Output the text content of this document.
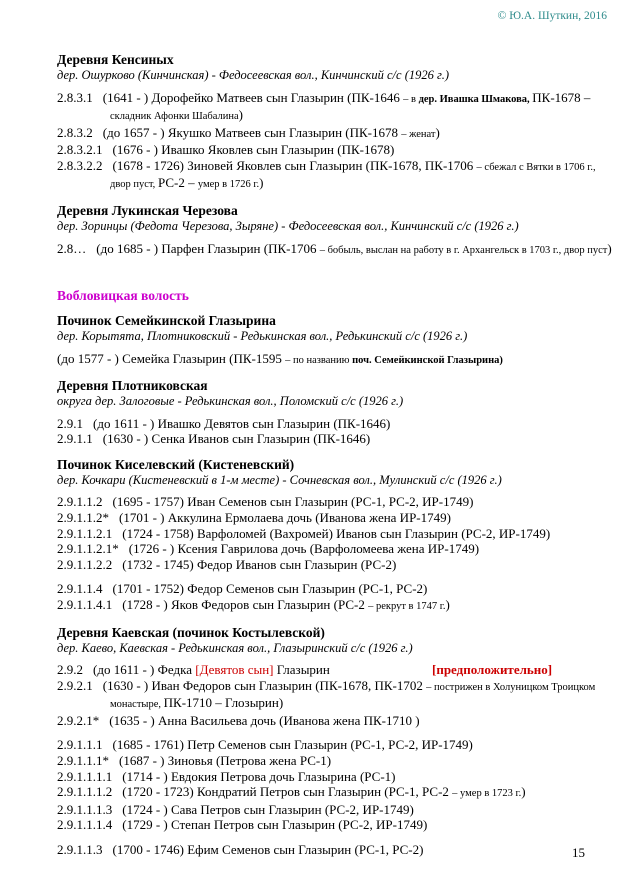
© Ю.А. Шуткин, 2016
Деревня Кенсиных

дер. Ошурково (Кинчинская) - Федосеевская вол., Кинчинский с/с (1926 г.)

2.8.3.1 (1641 - ) Дорофейко Матвеев сын Глазырин (ПК-1646 – в дер. Ивашка Шмакова, ПК-1678 – складник Афонки Шабалина)
2.8.3.2 (до 1657 - ) Якушко Матвеев сын Глазырин (ПК-1678 – женат)
2.8.3.2.1 (1676 - ) Ивашко Яковлев сын Глазырин (ПК-1678)
2.8.3.2.2 (1678 - 1726) Зиновей Яковлев сын Глазырин (ПК-1678, ПК-1706 – сбежал с Вятки в 1706 г., двор пуст, РС-2 – умер в 1726 г.)
Деревня Лукинская Черезова

дер. Зоринцы (Федота Черезова, Зыряне) - Федосеевская вол., Кинчинский с/с (1926 г.)

2.8… (до 1685 - ) Парфен Глазырин (ПК-1706 – бобыль, выслан на работу в г. Архангельск в 1703 г., двор пуст)
Вобловицкая волость
Починок Семейкинской Глазырина

дер. Корытята, Плотниковский - Редькинская вол., Редькинский с/с (1926 г.)

(до 1577 - ) Семейка Глазырин (ПК-1595 – по названию поч. Семейкинской Глазырина)
Деревня Плотниковская

округа дер. Залоговые - Редькинская вол., Поломский с/с (1926 г.)

2.9.1 (до 1611 - ) Ивашко Девятов сын Глазырин (ПК-1646)
2.9.1.1 (1630 - ) Сенка Иванов сын Глазырин (ПК-1646)
Починок Киселевский (Кистеневский)

дер. Кочкари (Кистеневский в 1-м месте) - Сочневская вол., Мулинский с/с (1926 г.)

2.9.1.1.2 (1695 - 1757) Иван Семенов сын Глазырин (РС-1, РС-2, ИР-1749)
2.9.1.1.2* (1701 - ) Аккулина Ермолаева дочь (Иванова жена ИР-1749)
2.9.1.1.2.1 (1724 - 1758) Варфоломей (Вахромей) Иванов сын Глазырин (РС-2, ИР-1749)
2.9.1.1.2.1* (1726 - ) Ксения Гаврилова дочь (Варфоломеева жена ИР-1749)
2.9.1.1.2.2 (1732 - 1745) Федор Иванов сын Глазырин (РС-2)
2.9.1.1.4 (1701 - 1752) Федор Семенов сын Глазырин (РС-1, РС-2)
2.9.1.1.4.1 (1728 - ) Яков Федоров сын Глазырин (РС-2 – рекрут в 1747 г.)
Деревня Каевская (починок Костылевской)

дер. Каево, Каевская - Редькинская вол., Глазыринский с/с (1926 г.)

2.9.2 (до 1611 - ) Федка [Девятов сын] Глазырин	[предположительно]
2.9.2.1 (1630 - ) Иван Федоров сын Глазырин (ПК-1678, ПК-1702 – пострижен в Холуницком Троицком монастыре, ПК-1710 – Глозырин)
2.9.2.1* (1635 - ) Анна Васильева дочь (Иванова жена ПК-1710 )
2.9.1.1.1 (1685 - 1761) Петр Семенов сын Глазырин (РС-1, РС-2, ИР-1749)
2.9.1.1.1* (1687 - ) Зиновья (Петрова жена РС-1)
2.9.1.1.1.1 (1714 - ) Евдокия Петрова дочь Глазырина (РС-1)
2.9.1.1.1.2 (1720 - 1723) Кондратий Петров сын Глазырин (РС-1, РС-2 – умер в 1723 г.)
2.9.1.1.1.3 (1724 - ) Сава Петров сын Глазырин (РС-2, ИР-1749)
2.9.1.1.1.4 (1729 - ) Степан Петров сын Глазырин (РС-2, ИР-1749)
2.9.1.1.3 (1700 - 1746) Ефим Семенов сын Глазырин (РС-1, РС-2)	15
